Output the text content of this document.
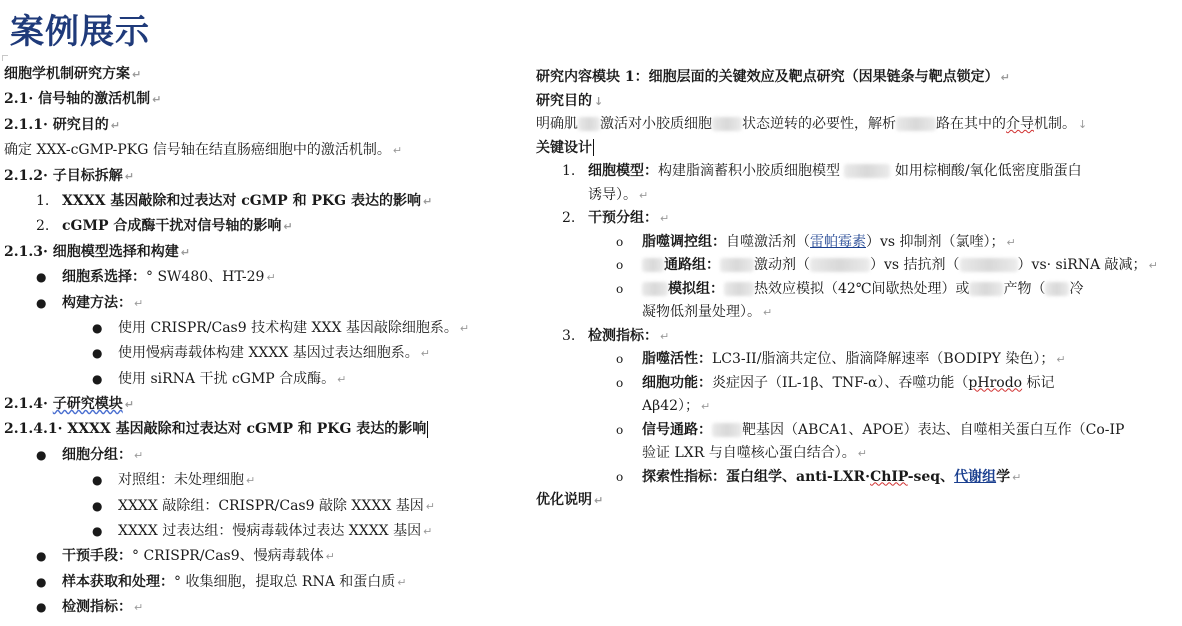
案例展示
细胞学机制研究方案 ↵
2.1· 信号轴的激活机制 ↵
2.1.1· 研究目的 ↵
确定 XXX-cGMP-PKG 信号轴在结直肠癌细胞中的激活机制。 ↵
2.1.2· 子目标拆解 ↵
1. XXXX 基因敲除和过表达对 cGMP 和 PKG 表达的影响 ↵
2. cGMP 合成酶干扰对信号轴的影响 ↵
2.1.3· 细胞模型选择和构建 ↵
● 细胞系选择：° SW480、HT-29 ↵
● 构建方法： ↵
● 使用 CRISPR/Cas9 技术构建 XXX 基因敲除细胞系。 ↵
● 使用慢病毒载体构建 XXXX 基因过表达细胞系。 ↵
● 使用 siRNA 干扰 cGMP 合成酶。 ↵
2.1.4· 子研究模块 ↵
2.1.4.1· XXXX 基因敲除和过表达对 cGMP 和 PKG 表达的影响
● 细胞分组： ↵
● 对照组：未处理细胞 ↵
● XXXX 敲除组：CRISPR/Cas9 敲除 XXXX 基因 ↵
● XXXX 过表达组：慢病毒载体过表达 XXXX 基因 ↵
● 干预手段：° CRISPR/Cas9、慢病毒载体 ↵
● 样本获取和处理：° 收集细胞，提取总 RNA 和蛋白质 ↵
● 检测指标： ↵
研究内容模块 1：细胞层面的关键效应及靶点研究（因果链条与靶点锁定） ↵
研究目的 ↓
明确肌 激活对小胶质细胞 状态逆转的必要性，解析	路在其中的介导机制。 ↓
关键设计
1. 细胞模型：构建脂滴蓄积小胶质细胞模型	如用棕榈酸/氧化低密度脂蛋白
诱导）。 ↵
2. 干预分组： ↵
o 脂噬调控组：自噬激活剂（雷帕霉素）vs 抑制剂（氯喹）； ↵
o	通路组： 激动剂（	）vs 拮抗剂（	）vs· siRNA 敲减； ↵
o	模拟组： 热效应模拟（42℃间歇热处理）或 产物（ 冷
凝物低剂量处理）。 ↵
3. 检测指标： ↵
o 脂噬活性：LC3-II/脂滴共定位、脂滴降解速率（BODIPY 染色）； ↵
o 细胞功能：炎症因子（IL-1β、TNF-α）、吞噬功能（pHrodo 标记
Aβ42）； ↵
o 信号通路： 靶基因（ABCA1、APOE）表达、自噬相关蛋白互作（Co-IP
验证 LXR 与自噬核心蛋白结合）。 ↵
o 探索性指标：蛋白组学、anti-LXR·ChIP-seq、代谢组学 ↵
优化说明 ↵
